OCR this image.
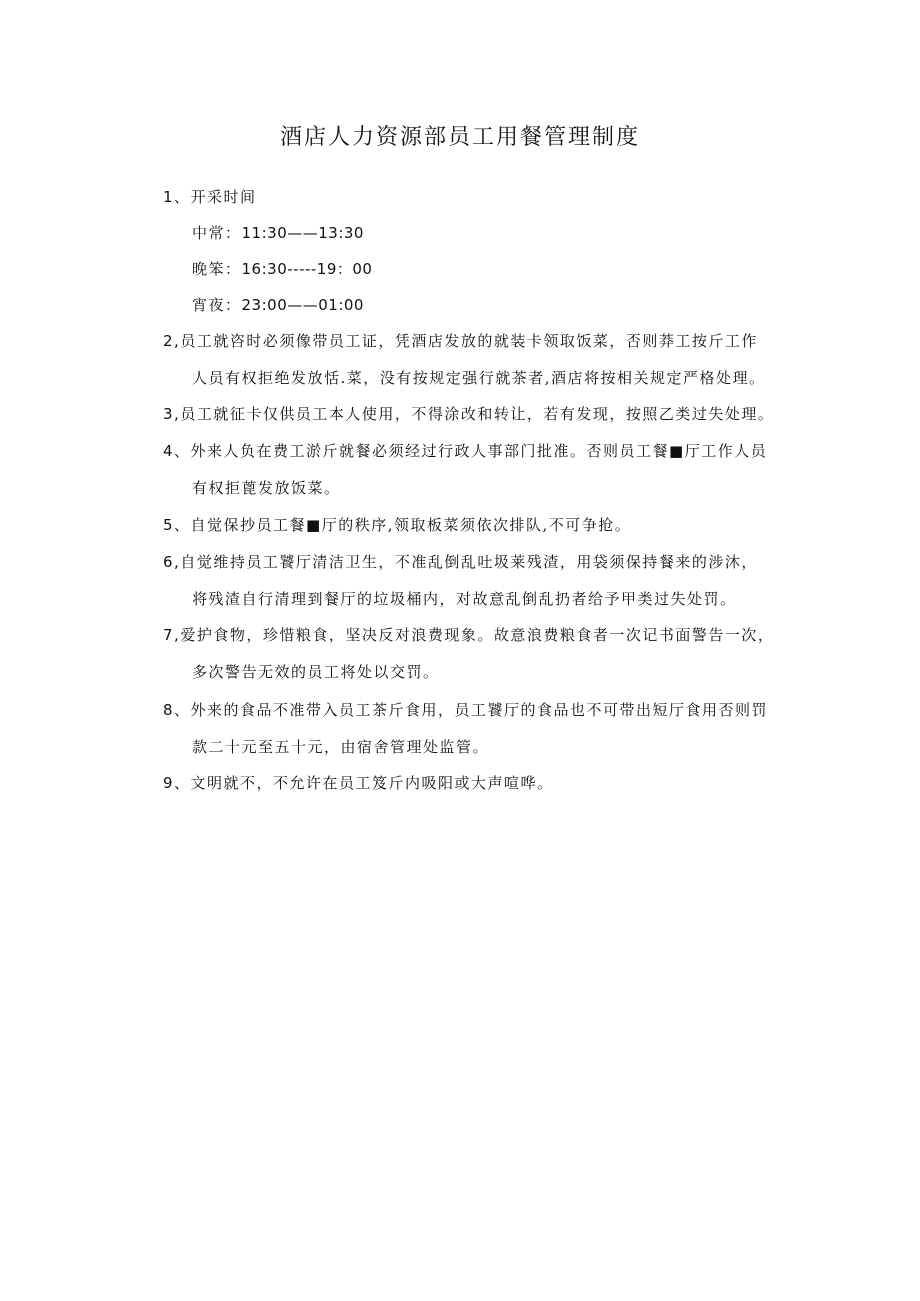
酒店人力资源部员工用餐管理制度
1、开采时间
中常：11:30——13:30
晚笨：16:30-----19：00
宵夜：23:00——01:00
2,员工就咨时必须像带员工证，凭酒店发放的就装卡领取饭菜，否则莽工按斤工作
人员有权拒绝发放恬.菜，没有按规定强行就茶者,酒店将按相关规定严格处理。
3,员工就征卡仅供员工本人使用，不得涂改和转让，若有发现，按照乙类过失处理。
4、外来人负在费工淤斤就餐必须经过行政人事部门批准。否则员工餐■厅工作人员
有权拒蓖发放饭菜。
5、自觉保抄员工餐■厅的秩序,领取板菜须依次排队,不可争抢。
6,自觉维持员工饕厅清洁卫生，不准乱倒乱吐圾莱残渣，用袋须保持餐来的涉沐，
将残渣自行清理到餐厅的垃圾桶内，对故意乱倒乱扔者给予甲类过失处罚。
7,爱护食物，珍惜粮食，坚决反对浪费现象。故意浪费粮食者一次记书面警告一次，
多次警告无效的员工将处以交罚。
8、外来的食品不准带入员工茶斤食用，员工饕厅的食品也不可带出短厅食用否则罚
款二十元至五十元，由宿舍管理处监管。
9、文明就不，不允许在员工笈斤内吸阳或大声喧哗。
